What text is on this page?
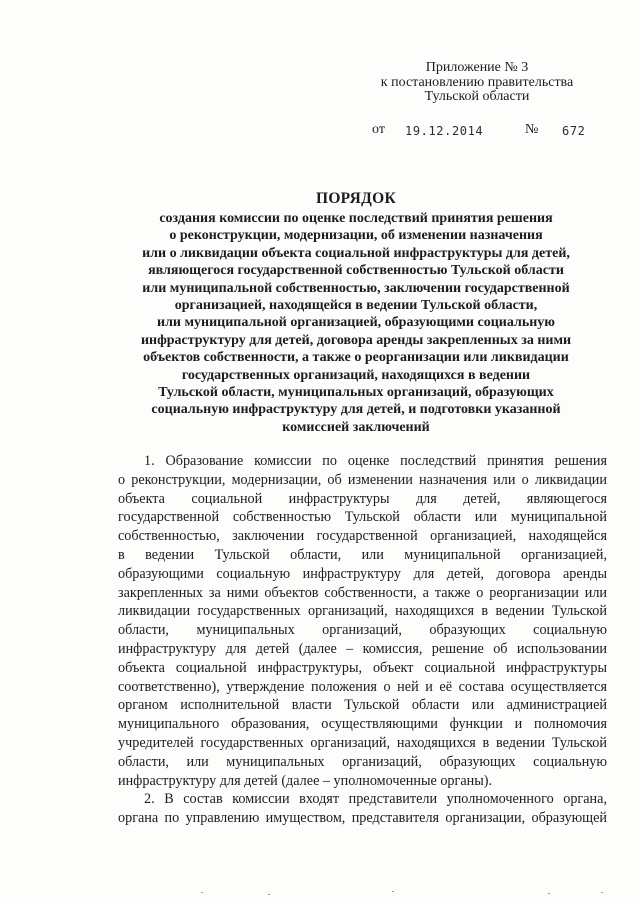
Приложение № 3
к постановлению правительства
Тульской области
от 19.12.2014	№ 672
ПОРЯДОК
создания комиссии по оценке последствий принятия решения
о реконструкции, модернизации, об изменении назначения
или о ликвидации объекта социальной инфраструктуры для детей,
являющегося государственной собственностью Тульской области
или муниципальной собственностью, заключении государственной
организацией, находящейся в ведении Тульской области,
или муниципальной организацией, образующими социальную
инфраструктуру для детей, договора аренды закрепленных за ними
объектов собственности, а также о реорганизации или ликвидации
государственных организаций, находящихся в ведении
Тульской области, муниципальных организаций, образующих
социальную инфраструктуру для детей, и подготовки указанной
комиссией заключений
1. Образование комиссии по оценке последствий принятия решения
о реконструкции, модернизации, об изменении назначения или о ликвидации
объекта социальной инфраструктуры для детей, являющегося
государственной собственностью Тульской области или муниципальной
собственностью, заключении государственной организацией, находящейся
в ведении Тульской области, или муниципальной организацией,
образующими социальную инфраструктуру для детей, договора аренды
закрепленных за ними объектов собственности, а также о реорганизации или
ликвидации государственных организаций, находящихся в ведении Тульской
области, муниципальных организаций, образующих социальную
инфраструктуру для детей (далее – комиссия, решение об использовании
объекта социальной инфраструктуры, объект социальной инфраструктуры
соответственно), утверждение положения о ней и её состава осуществляется
органом исполнительной власти Тульской области или администрацией
муниципального образования, осуществляющими функции и полномочия
учредителей государственных организаций, находящихся в ведении Тульской
области, или муниципальных организаций, образующих социальную
инфраструктуру для детей (далее – уполномоченные органы).
2. В состав комиссии входят представители уполномоченного органа,
органа по управлению имуществом, представителя организации, образующей
